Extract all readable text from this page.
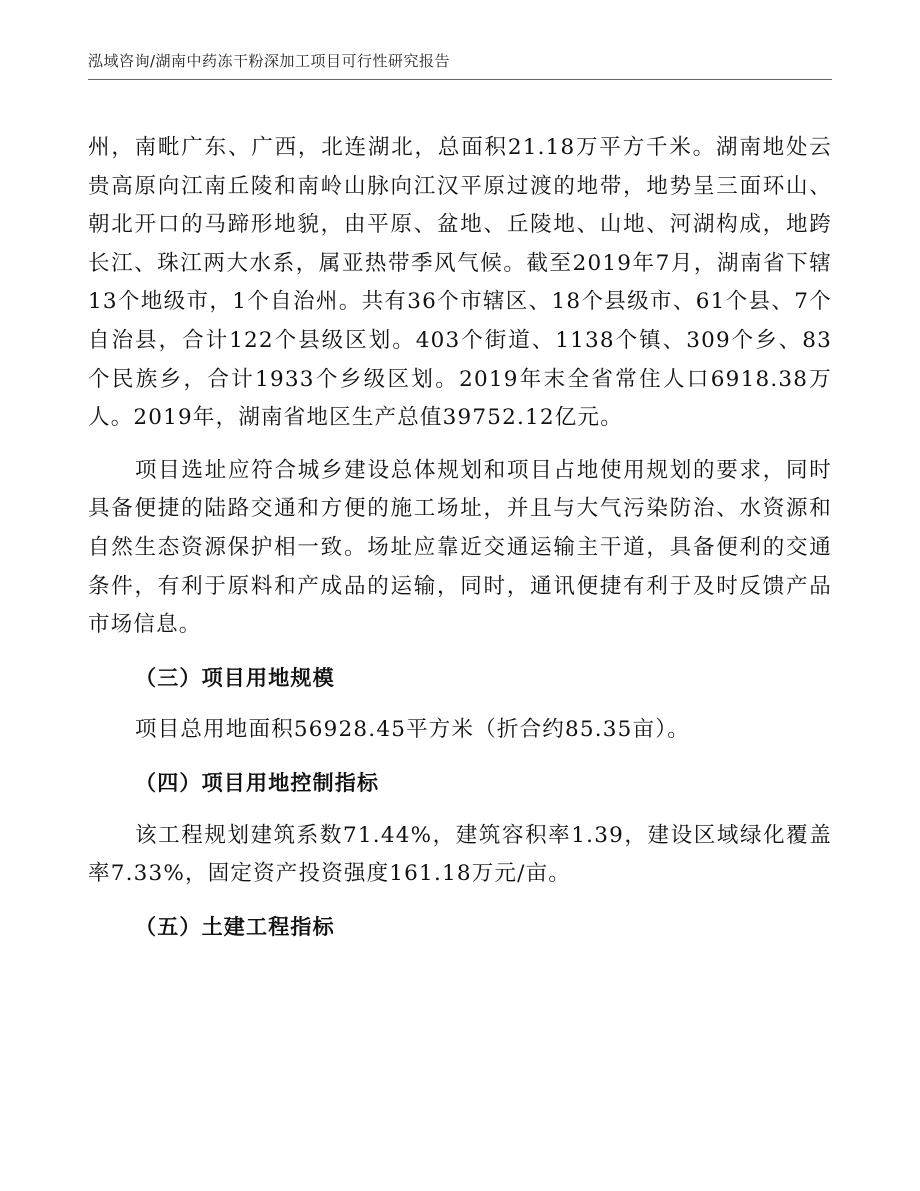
泓域咨询/湖南中药冻干粉深加工项目可行性研究报告

州，南毗广东、广西，北连湖北，总面积21.18万平方千米。湖南地处云贵高原向江南丘陵和南岭山脉向江汉平原过渡的地带，地势呈三面环山、朝北开口的马蹄形地貌，由平原、盆地、丘陵地、山地、河湖构成，地跨长江、珠江两大水系，属亚热带季风气候。截至2019年7月，湖南省下辖13个地级市，1个自治州。共有36个市辖区、18个县级市、61个县、7个自治县，合计122个县级区划。403个街道、1138个镇、309个乡、83个民族乡，合计1933个乡级区划。2019年末全省常住人口6918.38万人。2019年，湖南省地区生产总值39752.12亿元。

项目选址应符合城乡建设总体规划和项目占地使用规划的要求，同时具备便捷的陆路交通和方便的施工场址，并且与大气污染防治、水资源和自然生态资源保护相一致。场址应靠近交通运输主干道，具备便利的交通条件，有利于原料和产成品的运输，同时，通讯便捷有利于及时反馈产品市场信息。

（三）项目用地规模

项目总用地面积56928.45平方米（折合约85.35亩）。

（四）项目用地控制指标

该工程规划建筑系数71.44%，建筑容积率1.39，建设区域绿化覆盖率7.33%，固定资产投资强度161.18万元/亩。

（五）土建工程指标
